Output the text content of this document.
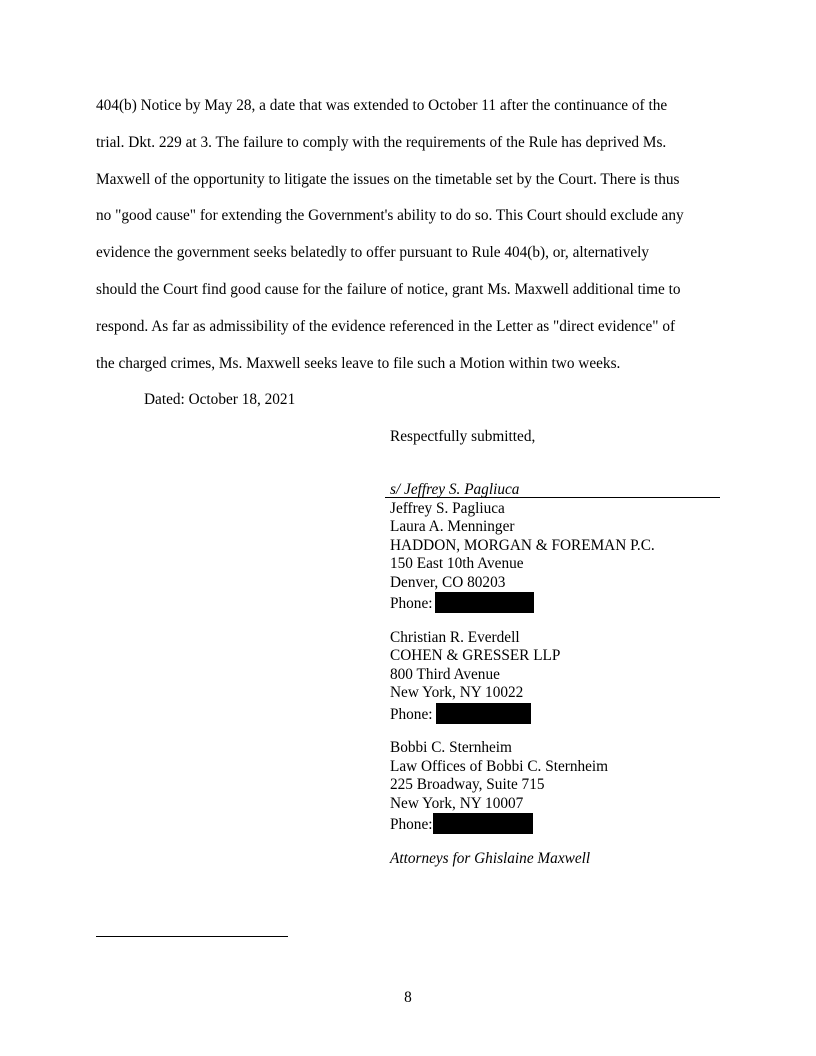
404(b) Notice by May 28, a date that was extended to October 11 after the continuance of the
trial. Dkt. 229 at 3. The failure to comply with the requirements of the Rule has deprived Ms.
Maxwell of the opportunity to litigate the issues on the timetable set by the Court. There is thus
no "good cause" for extending the Government's ability to do so. This Court should exclude any
evidence the government seeks belatedly to offer pursuant to Rule 404(b), or, alternatively
should the Court find good cause for the failure of notice, grant Ms. Maxwell additional time to
respond. As far as admissibility of the evidence referenced in the Letter as "direct evidence" of
the charged crimes, Ms. Maxwell seeks leave to file such a Motion within two weeks.
Dated: October 18, 2021
Respectfully submitted,
s/ Jeffrey S. Pagliuca
Jeffrey S. Pagliuca
Laura A. Menninger
HADDON, MORGAN & FOREMAN P.C.
150 East 10th Avenue
Denver, CO 80203
Phone:
Christian R. Everdell
COHEN & GRESSER LLP
800 Third Avenue
New York, NY 10022
Phone:
Bobbi C. Sternheim
Law Offices of Bobbi C. Sternheim
225 Broadway, Suite 715
New York, NY 10007
Phone:
Attorneys for Ghislaine Maxwell
8
